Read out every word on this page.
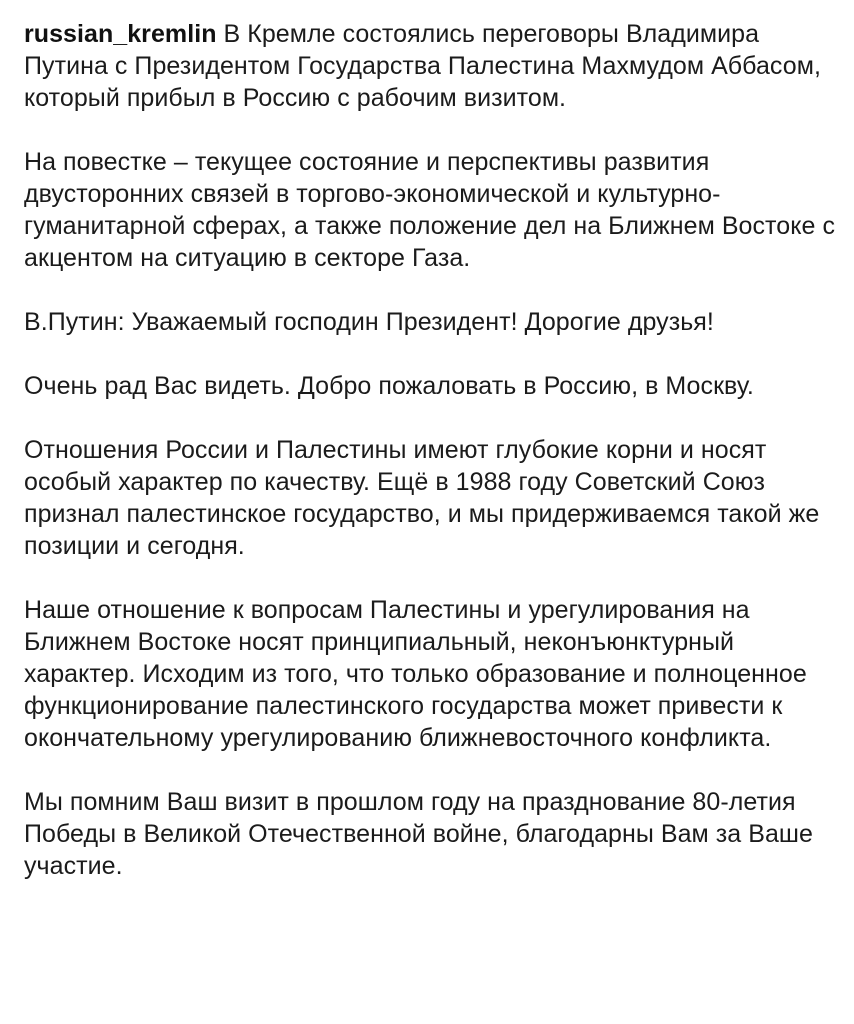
russian_kremlin В Кремле состоялись переговоры Владимира Путина с Президентом Государства Палестина Махмудом Аббасом, который прибыл в Россию с рабочим визитом.

На повестке – текущее состояние и перспективы развития двусторонних связей в торгово-экономической и культурно-гуманитарной сферах, а также положение дел на Ближнем Востоке с акцентом на ситуацию в секторе Газа.

В.Путин: Уважаемый господин Президент! Дорогие друзья!

Очень рад Вас видеть. Добро пожаловать в Россию, в Москву.

Отношения России и Палестины имеют глубокие корни и носят особый характер по качеству. Ещё в 1988 году Советский Союз признал палестинское государство, и мы придерживаемся такой же позиции и сегодня.

Наше отношение к вопросам Палестины и урегулирования на Ближнем Востоке носят принципиальный, неконъюнктурный характер. Исходим из того, что только образование и полноценное функционирование палестинского государства может привести к окончательному урегулированию ближневосточного конфликта.

Мы помним Ваш визит в прошлом году на празднование 80-летия Победы в Великой Отечественной войне, благодарны Вам за Ваше участие.
